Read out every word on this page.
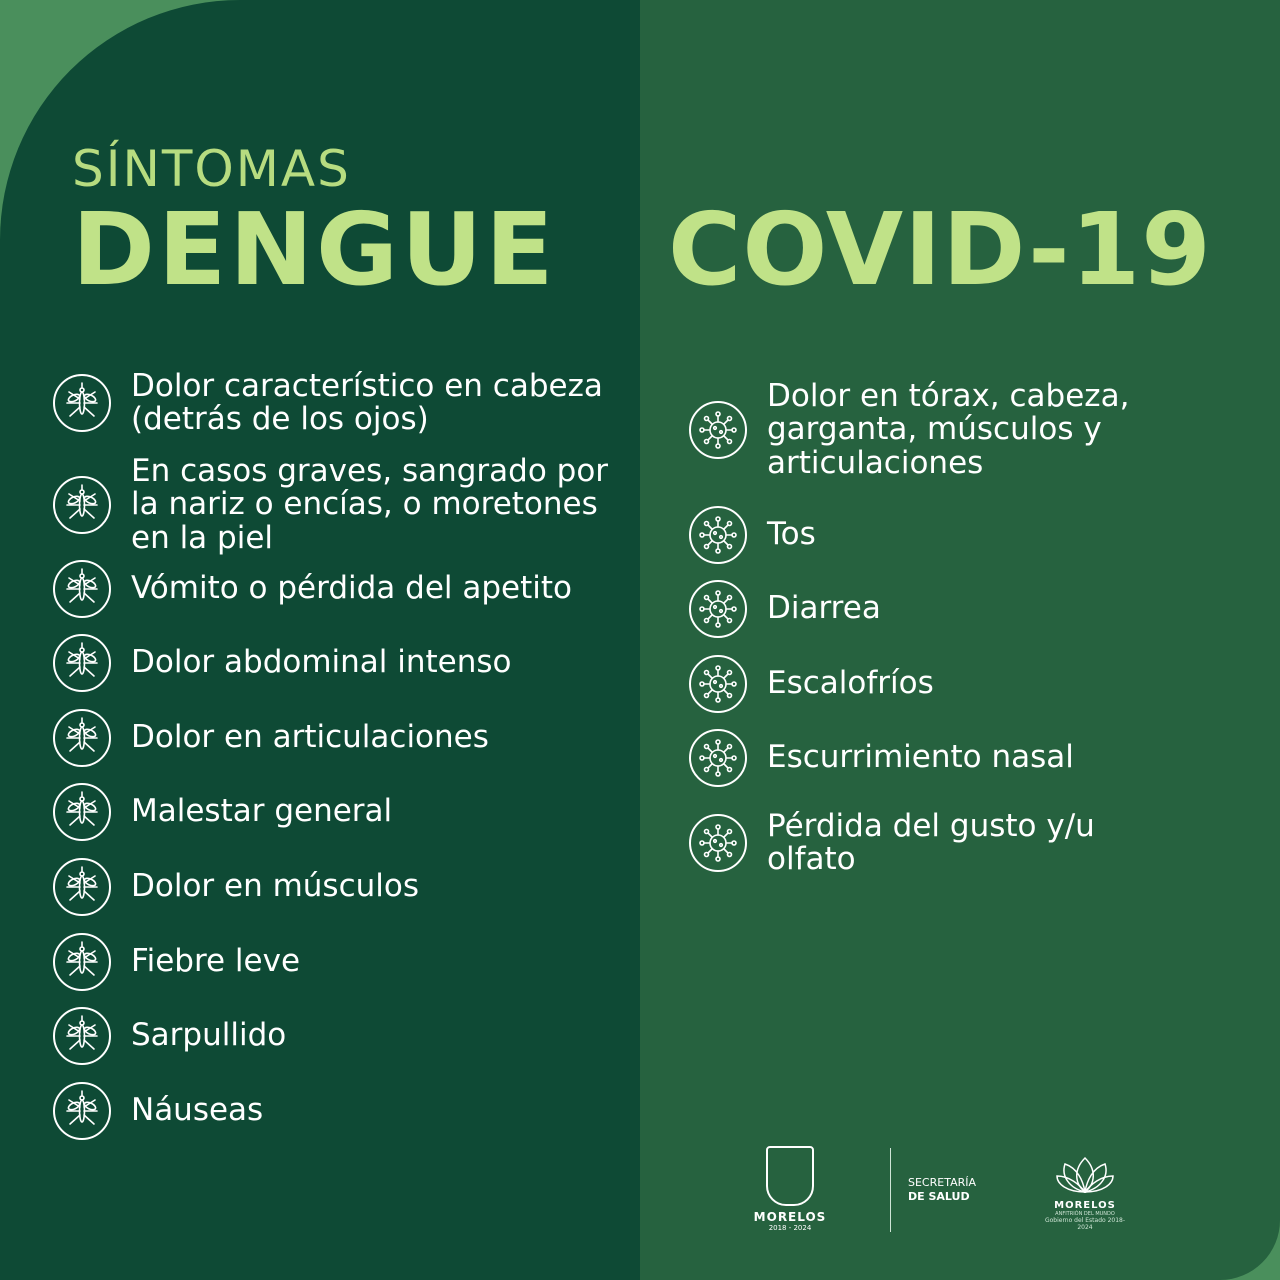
SÍNTOMAS
DENGUE COVID-19
Dolor característico en cabeza (detrás de los ojos)
En casos graves, sangrado por la nariz o encías, o moretones en la piel
Vómito o pérdida del apetito
Dolor abdominal intenso
Dolor en articulaciones
Malestar general
Dolor en músculos
Fiebre leve
Sarpullido
Náuseas
Dolor en tórax, cabeza, garganta, músculos y articulaciones
Tos
Diarrea
Escalofríos
Escurrimiento nasal
Pérdida del gusto y/u olfato
MORELOS
2018 - 2024
SECRETARÍA
DE SALUD
MORELOS
ANFITRIÓN DEL MUNDO
Gobierno del Estado 2018-2024
